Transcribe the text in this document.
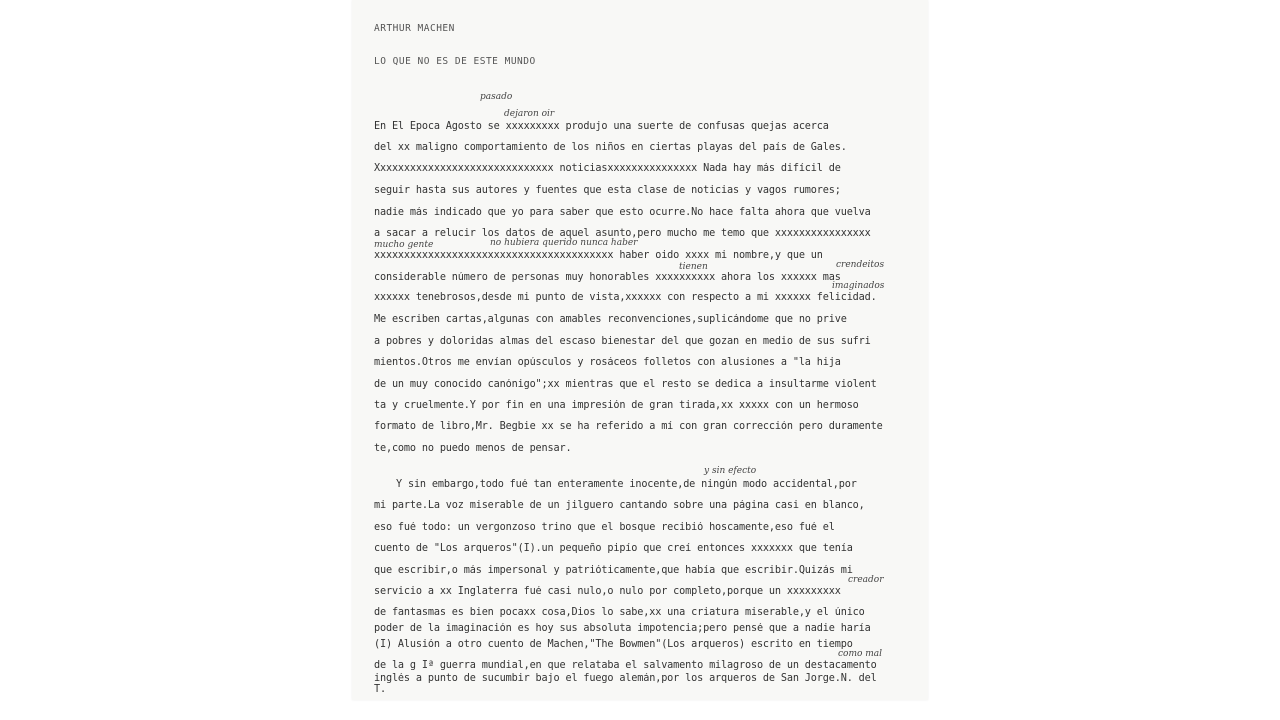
ARTHUR MACHEN
LO QUE NO ES DE ESTE MUNDO
pasado
dejaron oir
En El Época Agosto se xxxxxxxxx produjo una suerte de confusas quejas acerca
del xx maligno comportamiento de los niños en ciertas playas del país de Gales.
Xxxxxxxxxxxxxxxxxxxxxxxxxxxxxx noticiasxxxxxxxxxxxxxxx Nada hay más difícil de
seguir hasta sus autores y fuentes que esta clase de noticias y vagos rumores;
nadie más indicado que yo para saber que esto ocurre.No hace falta ahora que vuelva
a sacar a relucir los datos de aquel asunto,pero mucho me temo que xxxxxxxxxxxxxxxx
mucho gente	no hubiera querido nunca haber
xxxxxxxxxxxxxxxxxxxxxxxxxxxxxxxxxxxxxxxx haber oido xxxx mi nombre,y que un
tienen	crendeitos
considerable número de personas muy honorables xxxxxxxxxx ahora los xxxxxx mas
imaginados
xxxxxx tenebrosos,desde mi punto de vista,xxxxxx con respecto a mi xxxxxx felicidad.
Me escriben cartas,algunas con amables reconvenciones,suplicándome que no prive
a pobres y doloridas almas del escaso bienestar del que gozan en medio de sus sufri
mientos.Otros me envían opúsculos y rosáceos folletos con alusiones a "la hija
de un muy conocido canónigo";xx mientras que el resto se dedica a insultarme violent
ta y cruelmente.Y por fin en una impresión de gran tirada,xx xxxxx con un hermoso
formato de libro,Mr. Begbie xx se ha referido a mí con gran corrección pero duramente
te,como no puedo menos de pensar.
y sin efecto
Y sin embargo,todo fué tan enteramente inocente,de ningún modo accidental,por
mi parte.La voz miserable de un jilguero cantando sobre una página casi en blanco,
eso fué todo: un vergonzoso trino que el bosque recibió hoscamente,eso fué el
cuento de "Los arqueros"(I).un pequeño pipío que creí entonces xxxxxxx que tenía
que escribir,o más impersonal y patrióticamente,que había que escribir.Quizás mi
creador
servicio a xx Inglaterra fué casi nulo,o nulo por completo,porque un xxxxxxxxx
de fantasmas es bien pocaxx cosa,Dios lo sabe,xx una criatura miserable,y el único
poder de la imaginación es hoy sus absoluta impotencia;pero pensé que a nadie haría
(I) Alusión a otro cuento de Machen,"The Bowmen"(Los arqueros) escrito en tiempo
como mal
de la g Iª guerra mundial,en que relataba el salvamento milagroso de un destacamento
inglés a punto de sucumbir bajo el fuego alemán,por los arqueros de San Jorge.N. del
T.
